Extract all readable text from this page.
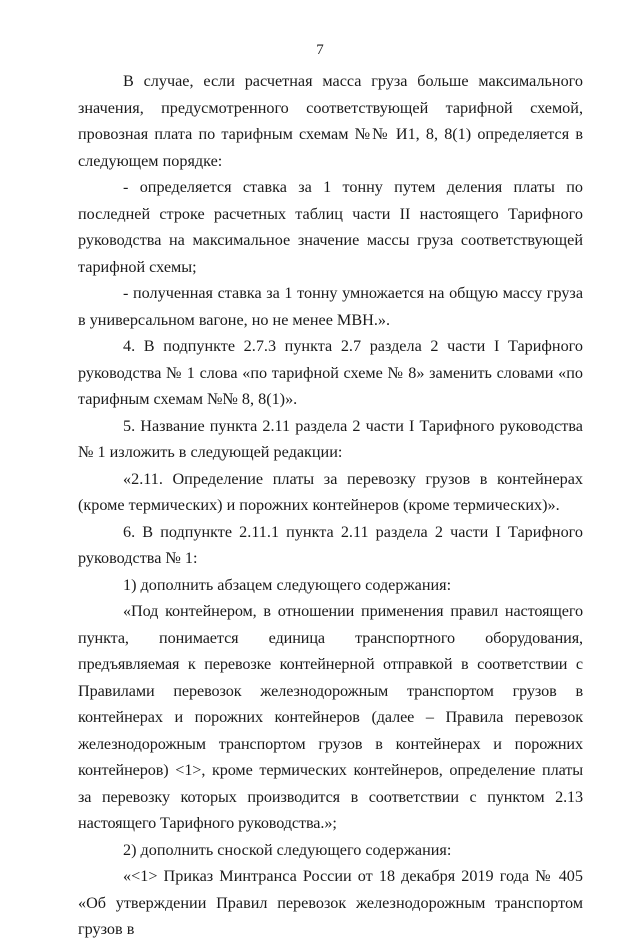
7

В случае, если расчетная масса груза больше максимального значения, предусмотренного соответствующей тарифной схемой, провозная плата по тарифным схемам №№ И1, 8, 8(1) определяется в следующем порядке:

- определяется ставка за 1 тонну путем деления платы по последней строке расчетных таблиц части II настоящего Тарифного руководства на максимальное значение массы груза соответствующей тарифной схемы;

- полученная ставка за 1 тонну умножается на общую массу груза в универсальном вагоне, но не менее МВН.».

4. В подпункте 2.7.3 пункта 2.7 раздела 2 части I Тарифного руководства № 1 слова «по тарифной схеме № 8» заменить словами «по тарифным схемам №№ 8, 8(1)».

5. Название пункта 2.11 раздела 2 части I Тарифного руководства № 1 изложить в следующей редакции:

«2.11. Определение платы за перевозку грузов в контейнерах (кроме термических) и порожних контейнеров (кроме термических)».

6. В подпункте 2.11.1 пункта 2.11 раздела 2 части I Тарифного руководства № 1:

1) дополнить абзацем следующего содержания:

«Под контейнером, в отношении применения правил настоящего пункта, понимается единица транспортного оборудования, предъявляемая к перевозке контейнерной отправкой в соответствии с Правилами перевозок железнодорожным транспортом грузов в контейнерах и порожних контейнеров (далее – Правила перевозок железнодорожным транспортом грузов в контейнерах и порожних контейнеров) <1>, кроме термических контейнеров, определение платы за перевозку которых производится в соответствии с пунктом 2.13 настоящего Тарифного руководства.»;

2) дополнить сноской следующего содержания:

«<1> Приказ Минтранса России от 18 декабря 2019 года № 405 «Об утверждении Правил перевозок железнодорожным транспортом грузов в
